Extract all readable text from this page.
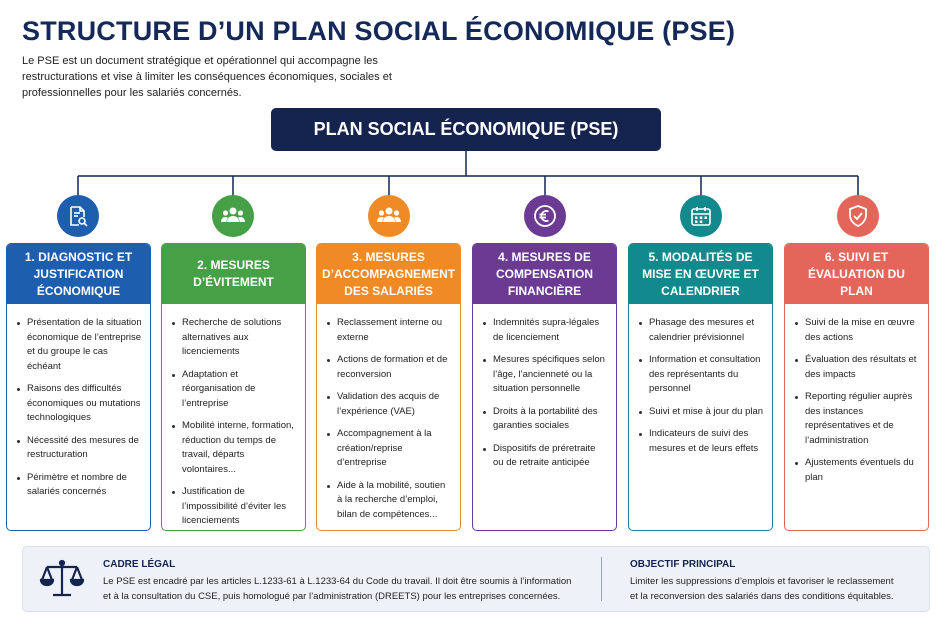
STRUCTURE D’UN PLAN SOCIAL ÉCONOMIQUE (PSE)
Le PSE est un document stratégique et opérationnel qui accompagne les restructurations et vise à limiter les conséquences économiques, sociales et professionnelles pour les salariés concernés.
PLAN SOCIAL ÉCONOMIQUE (PSE)
1. DIAGNOSTIC ET JUSTIFICATION ÉCONOMIQUE
Présentation de la situation économique de l’entreprise et du groupe le cas échéant
Raisons des difficultés économiques ou mutations technologiques
Nécessité des mesures de restructuration
Périmètre et nombre de salariés concernés
2. MESURES D’ÉVITEMENT
Recherche de solutions alternatives aux licenciements
Adaptation et réorganisation de l’entreprise
Mobilité interne, formation, réduction du temps de travail, départs volontaires...
Justification de l’impossibilité d’éviter les licenciements
3. MESURES D’ACCOMPAGNEMENT DES SALARIÉS
Reclassement interne ou externe
Actions de formation et de reconversion
Validation des acquis de l’expérience (VAE)
Accompagnement à la création/reprise d’entreprise
Aide à la mobilité, soutien à la recherche d’emploi, bilan de compétences...
4. MESURES DE COMPENSATION FINANCIÈRE
Indemnités supra-légales de licenciement
Mesures spécifiques selon l’âge, l’ancienneté ou la situation personnelle
Droits à la portabilité des garanties sociales
Dispositifs de préretraite ou de retraite anticipée
5. MODALITÉS DE MISE EN ŒUVRE ET CALENDRIER
Phasage des mesures et calendrier prévisionnel
Information et consultation des représentants du personnel
Suivi et mise à jour du plan
Indicateurs de suivi des mesures et de leurs effets
6. SUIVI ET ÉVALUATION DU PLAN
Suivi de la mise en œuvre des actions
Évaluation des résultats et des impacts
Reporting régulier auprès des instances représentatives et de l’administration
Ajustements éventuels du plan
CADRE LÉGAL
Le PSE est encadré par les articles L.1233-61 à L.1233-64 du Code du travail. Il doit être soumis à l’information
et à la consultation du CSE, puis homologué par l’administration (DREETS) pour les entreprises concernées.
OBJECTIF PRINCIPAL
Limiter les suppressions d’emplois et favoriser le reclassement
et la reconversion des salariés dans des conditions équitables.
